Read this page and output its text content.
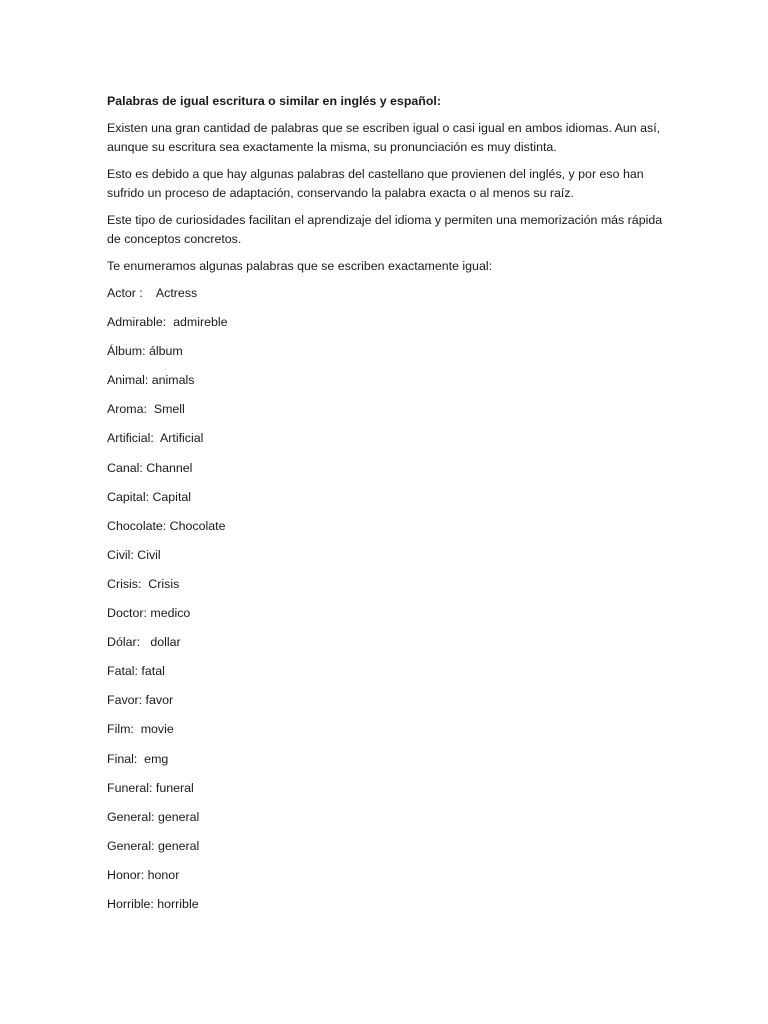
Palabras de igual escritura o similar en inglés y español:
Existen una gran cantidad de palabras que se escriben igual o casi igual en ambos idiomas. Aun así, aunque su escritura sea exactamente la misma, su pronunciación es muy distinta.
Esto es debido a que hay algunas palabras del castellano que provienen del inglés, y por eso han sufrido un proceso de adaptación, conservando la palabra exacta o al menos su raíz.
Este tipo de curiosidades facilitan el aprendizaje del idioma y permiten una memorización más rápida de conceptos concretos.
Te enumeramos algunas palabras que se escriben exactamente igual:
Actor :    Actress
Admirable:  admireble
Álbum: álbum
Animal: animals
Aroma:  Smell
Artificial:  Artificial
Canal: Channel
Capital: Capital
Chocolate: Chocolate
Civil: Civil
Crisis:  Crisis
Doctor: medico
Dólar:   dollar
Fatal: fatal
Favor: favor
Film:  movie
Final:  emg
Funeral: funeral
General: general
General: general
Honor: honor
Horrible: horrible
